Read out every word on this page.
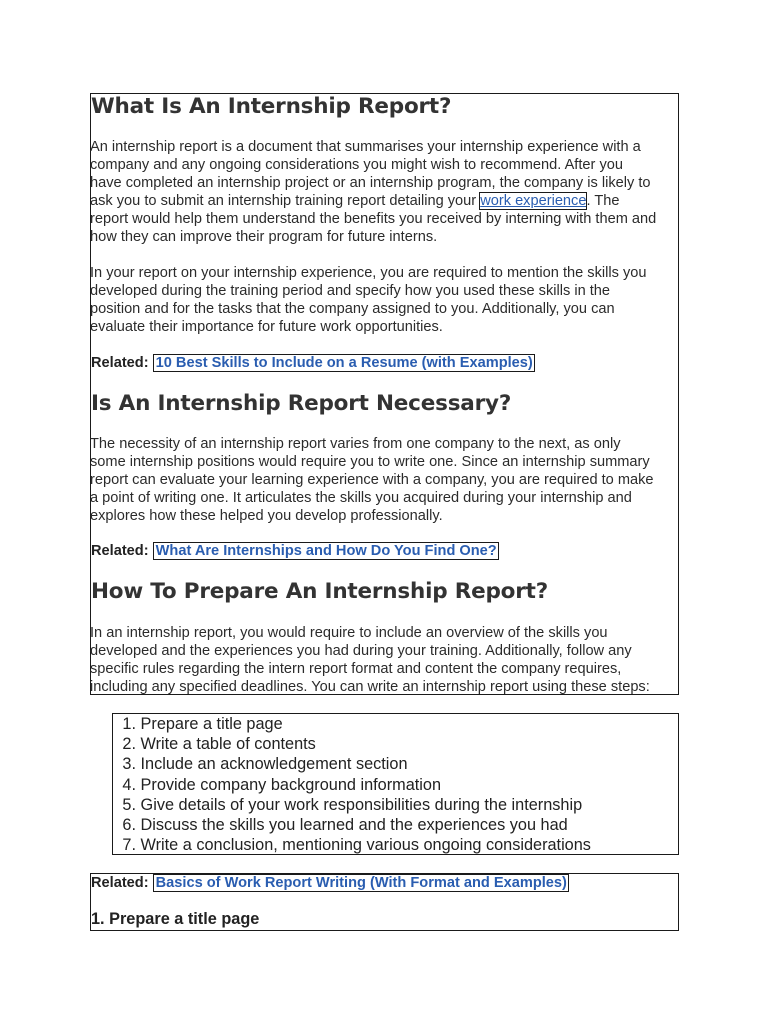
What Is An Internship Report?
An internship report is a document that summarises your internship experience with a
company and any ongoing considerations you might wish to recommend. After you
have completed an internship project or an internship program, the company is likely to
ask you to submit an internship training report detailing your work experience. The
report would help them understand the benefits you received by interning with them and
how they can improve their program for future interns.
In your report on your internship experience, you are required to mention the skills you
developed during the training period and specify how you used these skills in the
position and for the tasks that the company assigned to you. Additionally, you can
evaluate their importance for future work opportunities.

Related: 10 Best Skills to Include on a Resume (with Examples)

Is An Internship Report Necessary?
The necessity of an internship report varies from one company to the next, as only
some internship positions would require you to write one. Since an internship summary
report can evaluate your learning experience with a company, you are required to make
a point of writing one. It articulates the skills you acquired during your internship and
explores how these helped you develop professionally.

Related: What Are Internships and How Do You Find One?

How To Prepare An Internship Report?
In an internship report, you would require to include an overview of the skills you
developed and the experiences you had during your training. Additionally, follow any
specific rules regarding the intern report format and content the company requires,
including any specified deadlines. You can write an internship report using these steps:
1. Prepare a title page
2. Write a table of contents
3. Include an acknowledgement section
4. Provide company background information
5. Give details of your work responsibilities during the internship
6. Discuss the skills you learned and the experiences you had
7. Write a conclusion, mentioning various ongoing considerations

Related: Basics of Work Report Writing (With Format and Examples)

1. Prepare a title page
